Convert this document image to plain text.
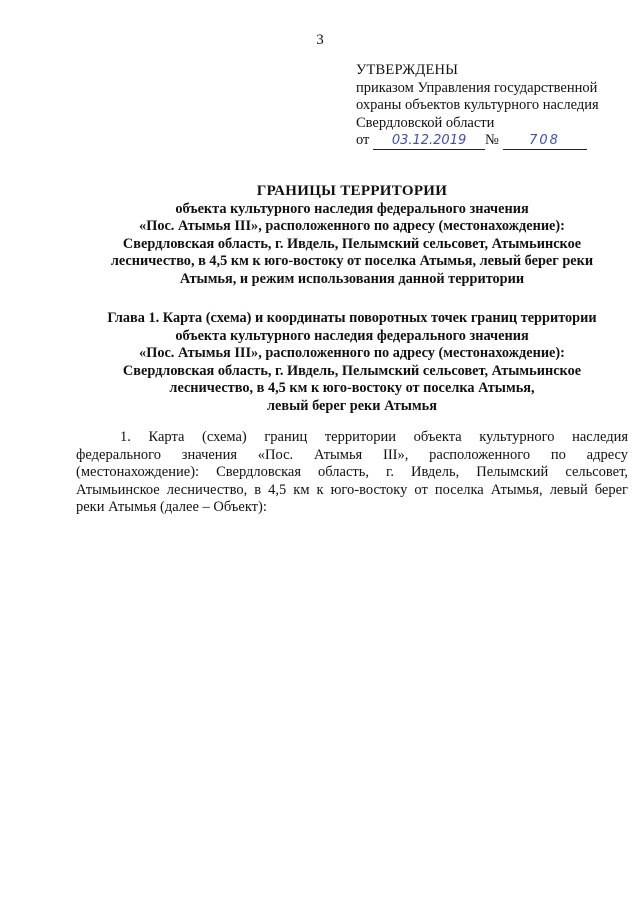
3
УТВЕРЖДЕНЫ
приказом Управления государственной
охраны объектов культурного наследия
Свердловской области
от 03.12.2019 № 708
ГРАНИЦЫ ТЕРРИТОРИИ
объекта культурного наследия федерального значения
«Пос. Атымья III», расположенного по адресу (местонахождение):
Свердловская область, г. Ивдель, Пелымский сельсовет, Атымьинское
лесничество, в 4,5 км к юго-востоку от поселка Атымья, левый берег реки
Атымья, и режим использования данной территории
Глава 1. Карта (схема) и координаты поворотных точек границ территории
объекта культурного наследия федерального значения
«Пос. Атымья III», расположенного по адресу (местонахождение):
Свердловская область, г. Ивдель, Пелымский сельсовет, Атымьинское
лесничество, в 4,5 км к юго-востоку от поселка Атымья,
левый берег реки Атымья
1. Карта (схема) границ территории объекта культурного наследия
федерального значения «Пос. Атымья III», расположенного по адресу
(местонахождение): Свердловская область, г. Ивдель, Пелымский сельсовет,
Атымьинское лесничество, в 4,5 км к юго-востоку от поселка Атымья, левый берег
реки Атымья (далее – Объект):
